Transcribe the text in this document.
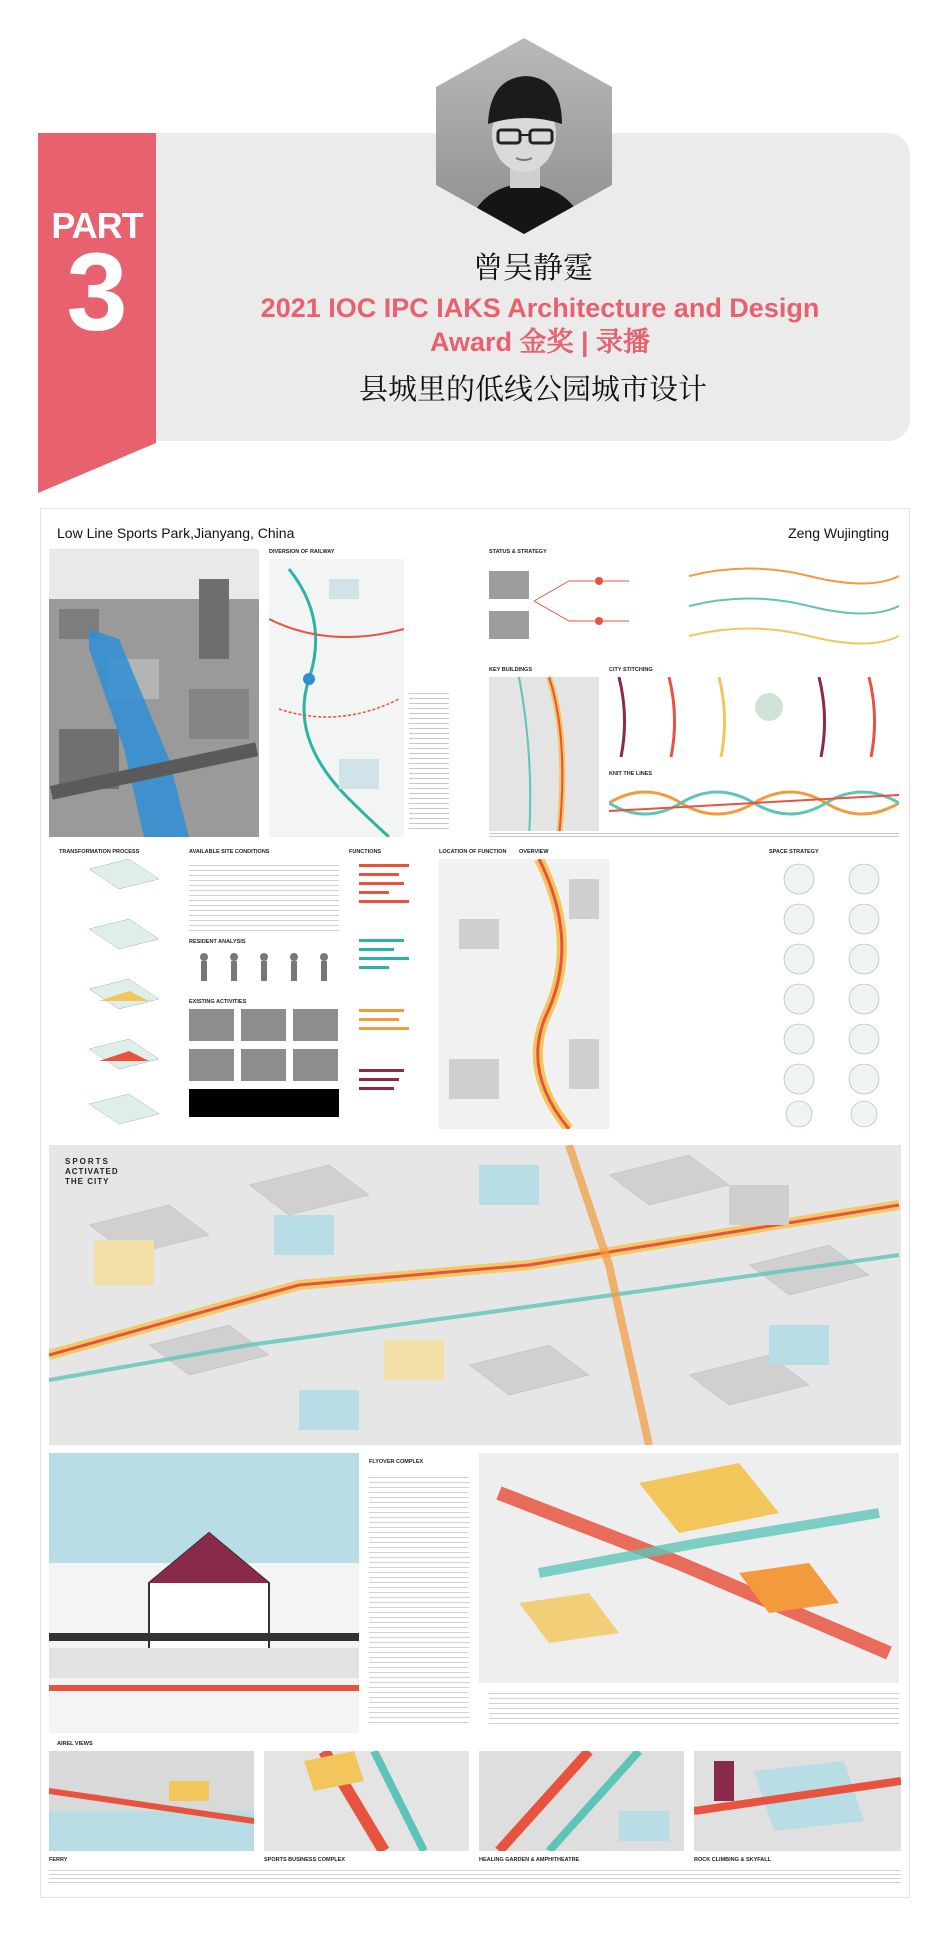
PART
3	曾吴静霆
2021 IOC IPC IAKS Architecture and Design
Award 金奖 | 录播
县城里的低线公园城市设计
Low Line Sports Park,Jianyang, China	Zeng Wujingting
DIVERSION OF RAILWAY	STATUS & STRATEGY
KEY BUILDINGS	CITY STITCHING
KNIT THE LINES
TRANSFORMATION PROCESS	AVAILABLE SITE CONDITIONS
RESIDENT ANALYSIS
EXISTING ACTIVITIES
FUNCTIONS	LOCATION OF FUNCTION OVERVIEW	SPACE STRATEGY
SPORTS
ACTIVATED
THE CITY
FLYOVER COMPLEX
AIREL VIEWS
FERRY	SPORTS BUSINESS COMPLEX	HEALING GARDEN & AMPHITHEATRE	ROCK CLIMBING & SKYFALL
